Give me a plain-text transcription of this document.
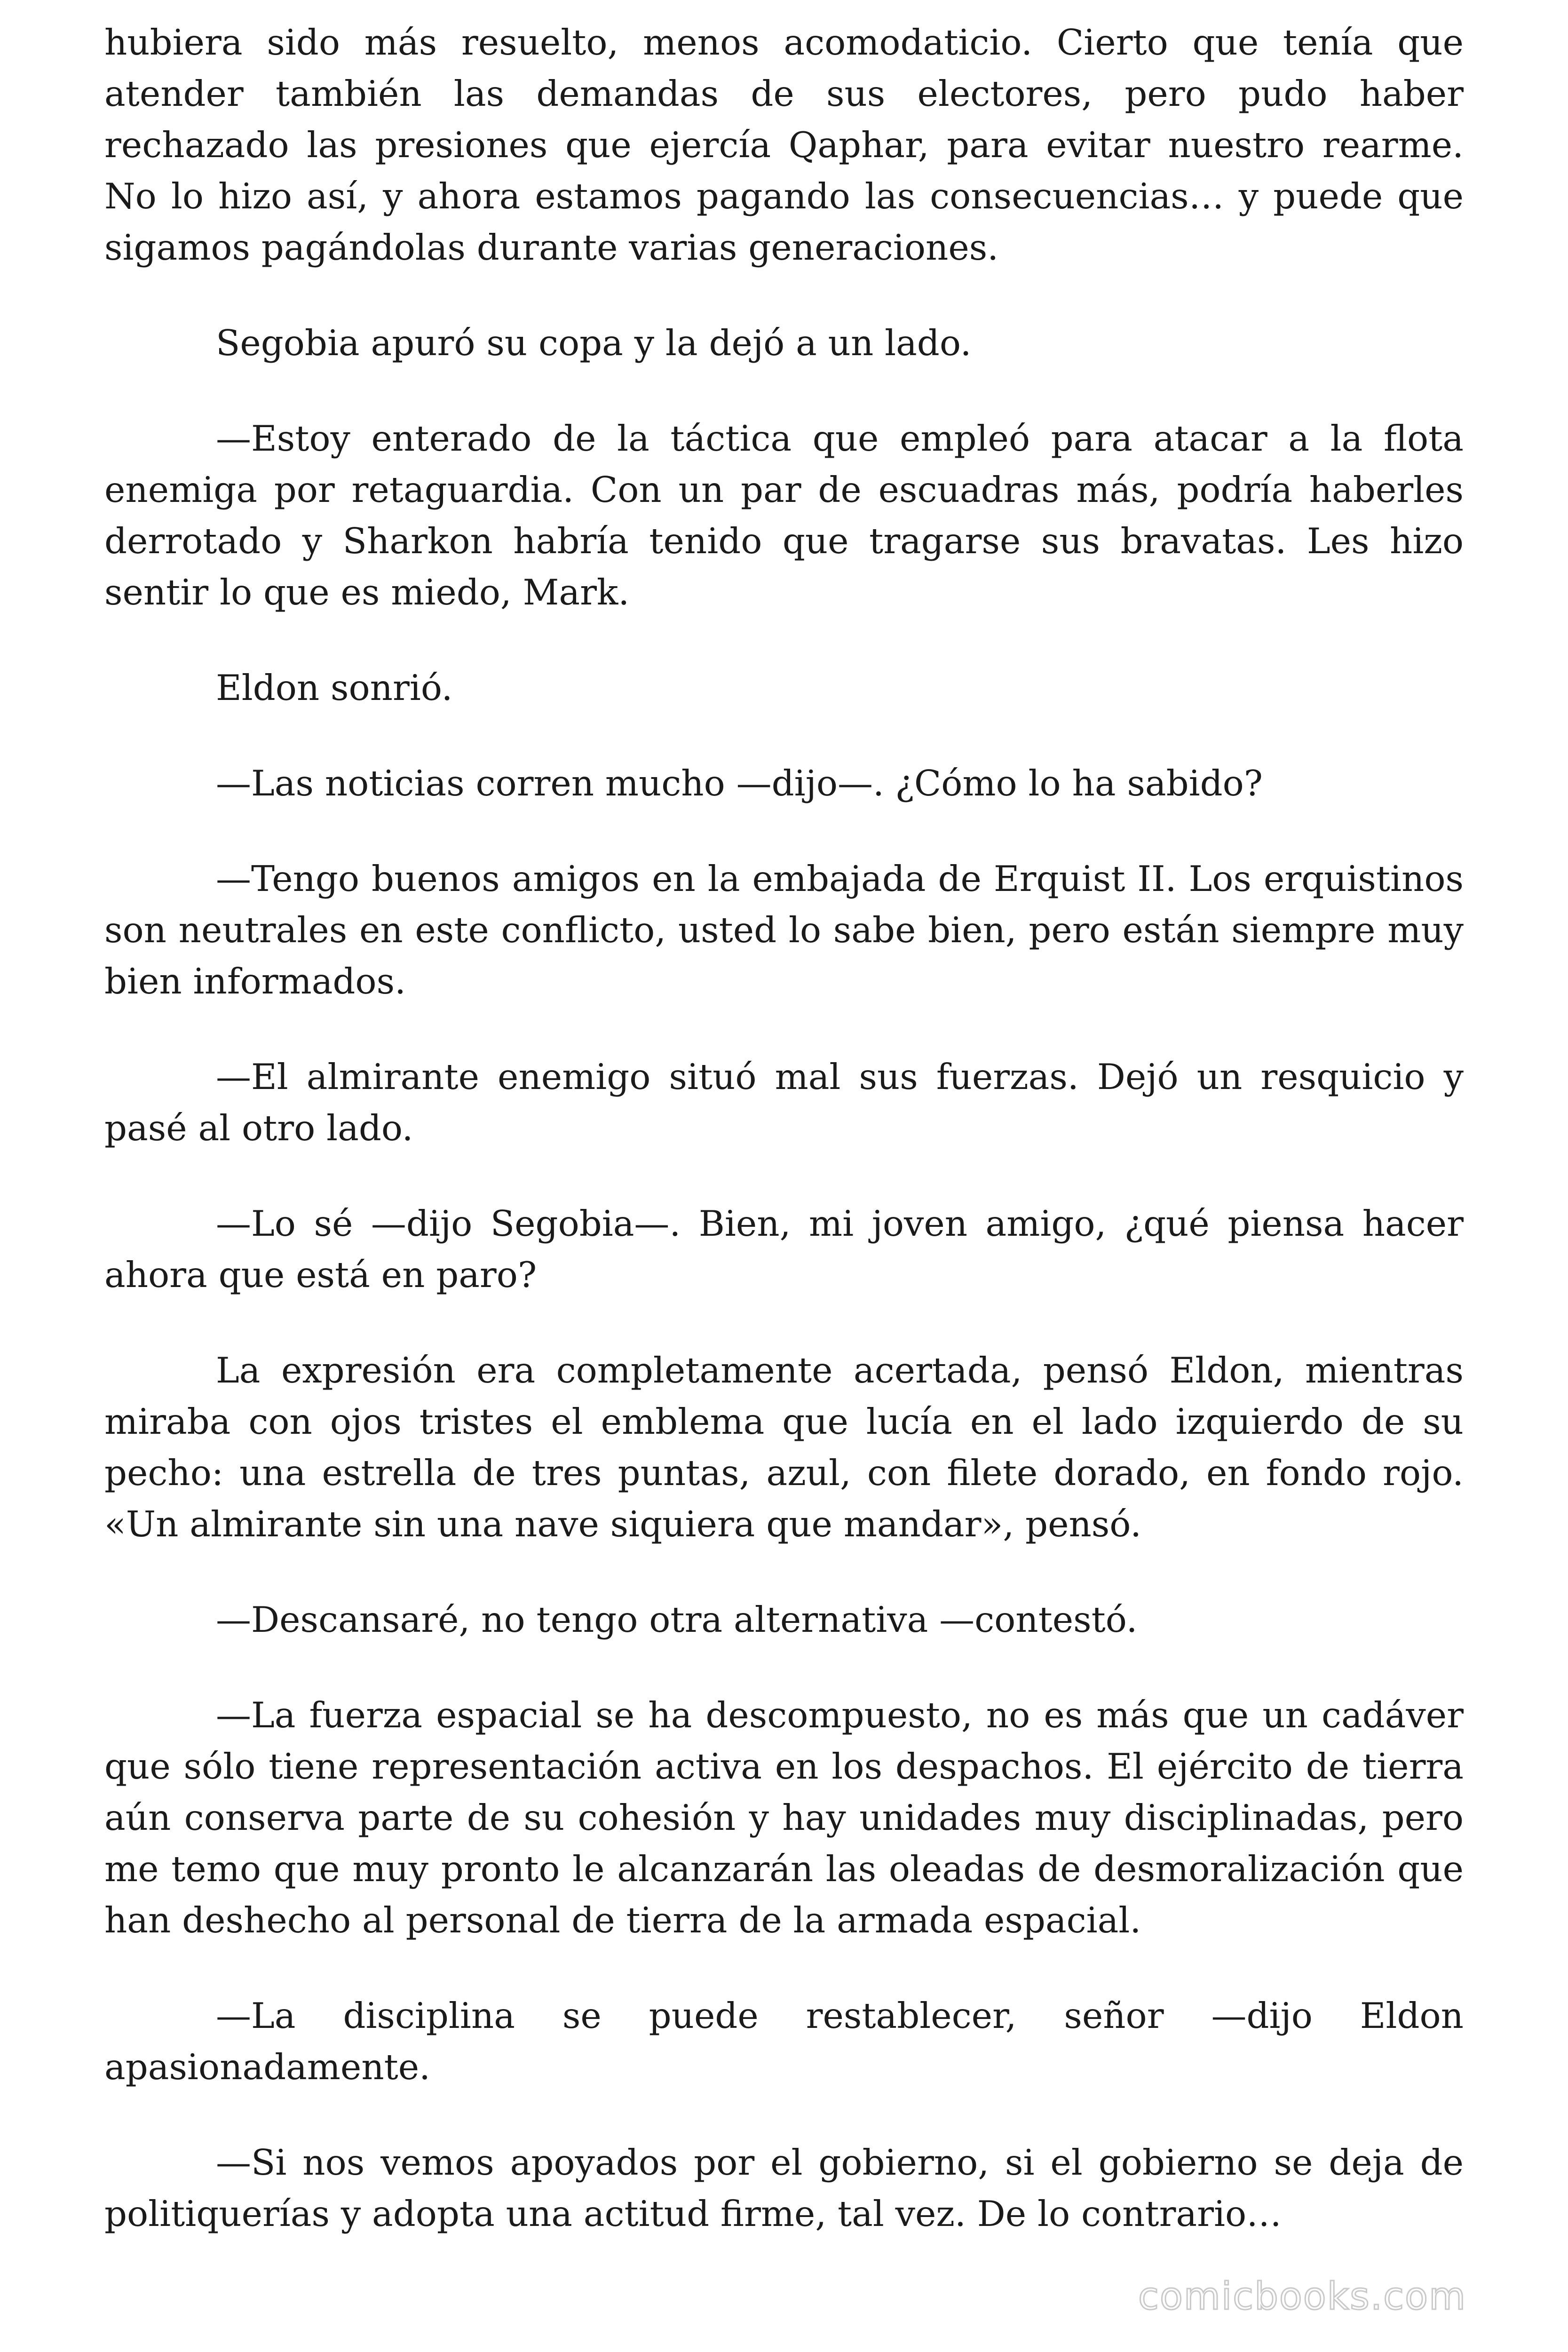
hubiera sido más resuelto, menos acomodaticio. Cierto que tenía que atender también las demandas de sus electores, pero pudo haber rechazado las presiones que ejercía Qaphar, para evitar nuestro rearme. No lo hizo así, y ahora estamos pagando las consecuencias… y puede que sigamos pagándolas durante varias generaciones.

Segobia apuró su copa y la dejó a un lado.

—Estoy enterado de la táctica que empleó para atacar a la flota enemiga por retaguardia. Con un par de escuadras más, podría haberles derrotado y Sharkon habría tenido que tragarse sus bravatas. Les hizo sentir lo que es miedo, Mark.

Eldon sonrió.

—Las noticias corren mucho —dijo—. ¿Cómo lo ha sabido?

—Tengo buenos amigos en la embajada de Erquist II. Los erquistinos son neutrales en este conflicto, usted lo sabe bien, pero están siempre muy bien informados.

—El almirante enemigo situó mal sus fuerzas. Dejó un resquicio y pasé al otro lado.

—Lo sé —dijo Segobia—. Bien, mi joven amigo, ¿qué piensa hacer ahora que está en paro?

La expresión era completamente acertada, pensó Eldon, mientras miraba con ojos tristes el emblema que lucía en el lado izquierdo de su pecho: una estrella de tres puntas, azul, con filete dorado, en fondo rojo. «Un almirante sin una nave siquiera que mandar», pensó.

—Descansaré, no tengo otra alternativa —contestó.

—La fuerza espacial se ha descompuesto, no es más que un cadáver que sólo tiene representación activa en los despachos. El ejército de tierra aún conserva parte de su cohesión y hay unidades muy disciplinadas, pero me temo que muy pronto le alcanzarán las oleadas de desmoralización que han deshecho al personal de tierra de la armada espacial.

—La disciplina se puede restablecer, señor —dijo Eldon apasionadamente.

—Si nos vemos apoyados por el gobierno, si el gobierno se deja de politiquerías y adopta una actitud firme, tal vez. De lo contrario…

comicbooks.com
